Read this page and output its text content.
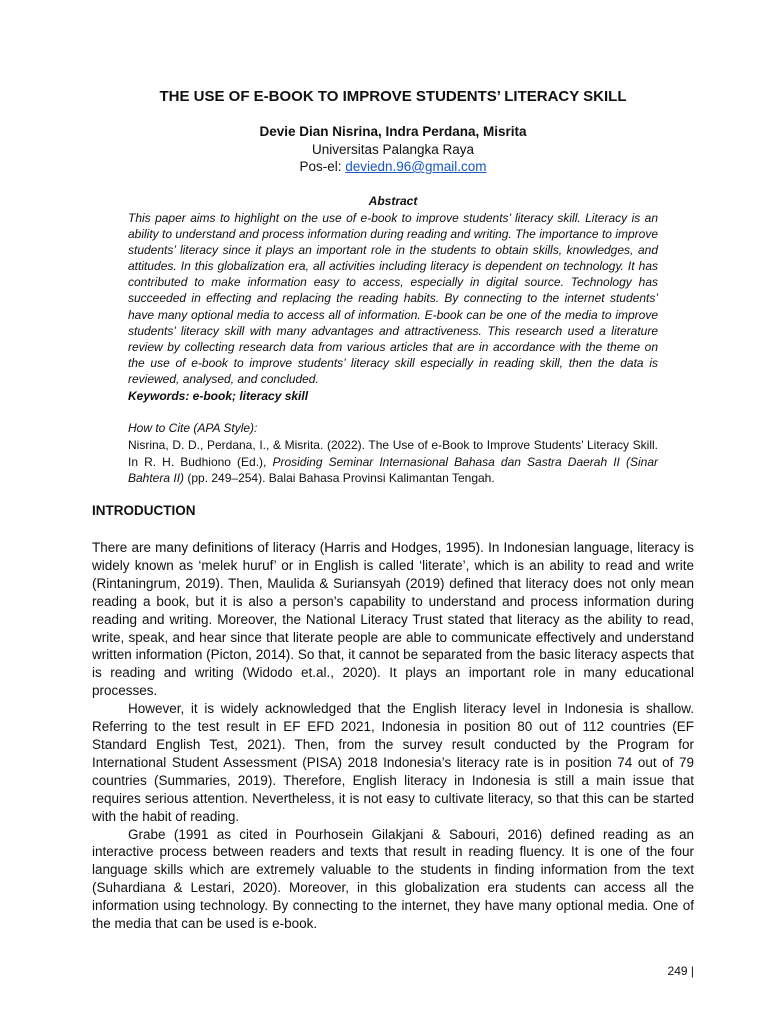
THE USE OF E-BOOK TO IMPROVE STUDENTS’ LITERACY SKILL
Devie Dian Nisrina, Indra Perdana, Misrita
Universitas Palangka Raya
Pos-el: deviedn.96@gmail.com
Abstract
This paper aims to highlight on the use of e-book to improve students’ literacy skill. Literacy is an ability to understand and process information during reading and writing. The importance to improve students’ literacy since it plays an important role in the students to obtain skills, knowledges, and attitudes. In this globalization era, all activities including literacy is dependent on technology. It has contributed to make information easy to access, especially in digital source. Technology has succeeded in effecting and replacing the reading habits. By connecting to the internet students’ have many optional media to access all of information. E-book can be one of the media to improve students’ literacy skill with many advantages and attractiveness. This research used a literature review by collecting research data from various articles that are in accordance with the theme on the use of e-book to improve students’ literacy skill especially in reading skill, then the data is reviewed, analysed, and concluded.
Keywords: e-book; literacy skill
How to Cite (APA Style):
Nisrina, D. D., Perdana, I., & Misrita. (2022). The Use of e-Book to Improve Students’ Literacy Skill. In R. H. Budhiono (Ed.), Prosiding Seminar Internasional Bahasa dan Sastra Daerah II (Sinar Bahtera II) (pp. 249–254). Balai Bahasa Provinsi Kalimantan Tengah.
INTRODUCTION

There are many definitions of literacy (Harris and Hodges, 1995). In Indonesian language, literacy is widely known as ‘melek huruf’ or in English is called ‘literate’, which is an ability to read and write (Rintaningrum, 2019). Then, Maulida & Suriansyah (2019) defined that literacy does not only mean reading a book, but it is also a person’s capability to understand and process information during reading and writing. Moreover, the National Literacy Trust stated that literacy as the ability to read, write, speak, and hear since that literate people are able to communicate effectively and understand written information (Picton, 2014). So that, it cannot be separated from the basic literacy aspects that is reading and writing (Widodo et.al., 2020). It plays an important role in many educational processes.

However, it is widely acknowledged that the English literacy level in Indonesia is shallow. Referring to the test result in EF EFD 2021, Indonesia in position 80 out of 112 countries (EF Standard English Test, 2021). Then, from the survey result conducted by the Program for International Student Assessment (PISA) 2018 Indonesia’s literacy rate is in position 74 out of 79 countries (Summaries, 2019). Therefore, English literacy in Indonesia is still a main issue that requires serious attention. Nevertheless, it is not easy to cultivate literacy, so that this can be started with the habit of reading.

Grabe (1991 as cited in Pourhosein Gilakjani & Sabouri, 2016) defined reading as an interactive process between readers and texts that result in reading fluency. It is one of the four language skills which are extremely valuable to the students in finding information from the text (Suhardiana & Lestari, 2020). Moreover, in this globalization era students can access all the information using technology. By connecting to the internet, they have many optional media. One of the media that can be used is e-book.

249 |
